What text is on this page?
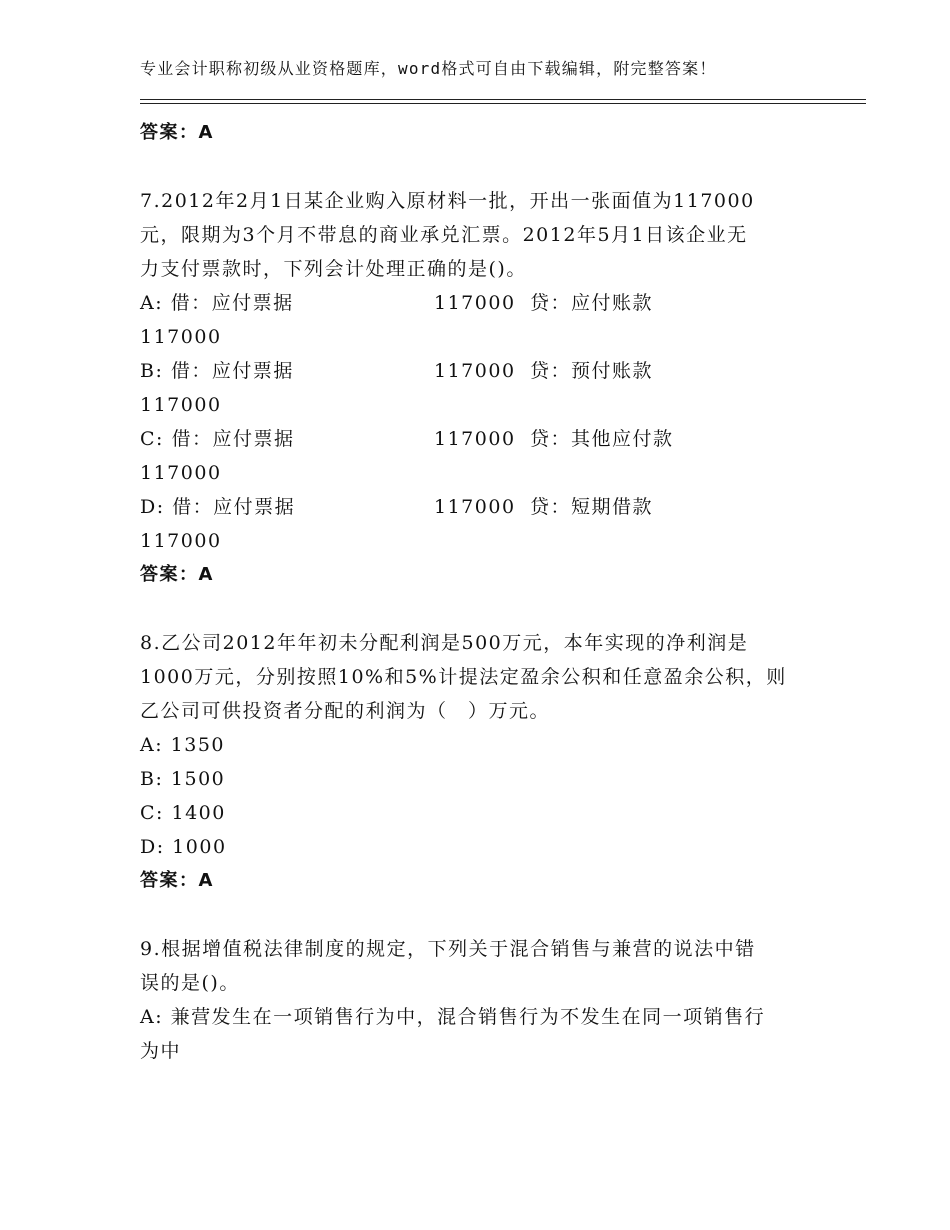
专业会计职称初级从业资格题库，word格式可自由下载编辑，附完整答案！
答案：A
7.2012年2月1日某企业购入原材料一批，开出一张面值为117000
元，限期为3个月不带息的商业承兑汇票。2012年5月1日该企业无
力支付票款时，下列会计处理正确的是()。
A: 借：应付票据	117000 贷：应付账款
117000
B: 借：应付票据	117000 贷：预付账款
117000
C: 借：应付票据	117000 贷：其他应付款
117000
D: 借：应付票据	117000 贷：短期借款
117000
答案：A
8.乙公司2012年年初未分配利润是500万元，本年实现的净利润是
1000万元，分别按照10%和5%计提法定盈余公积和任意盈余公积，则
乙公司可供投资者分配的利润为（　）万元。
A: 1350
B: 1500
C: 1400
D: 1000
答案：A
9.根据增值税法律制度的规定，下列关于混合销售与兼营的说法中错
误的是()。
A: 兼营发生在一项销售行为中，混合销售行为不发生在同一项销售行
为中
